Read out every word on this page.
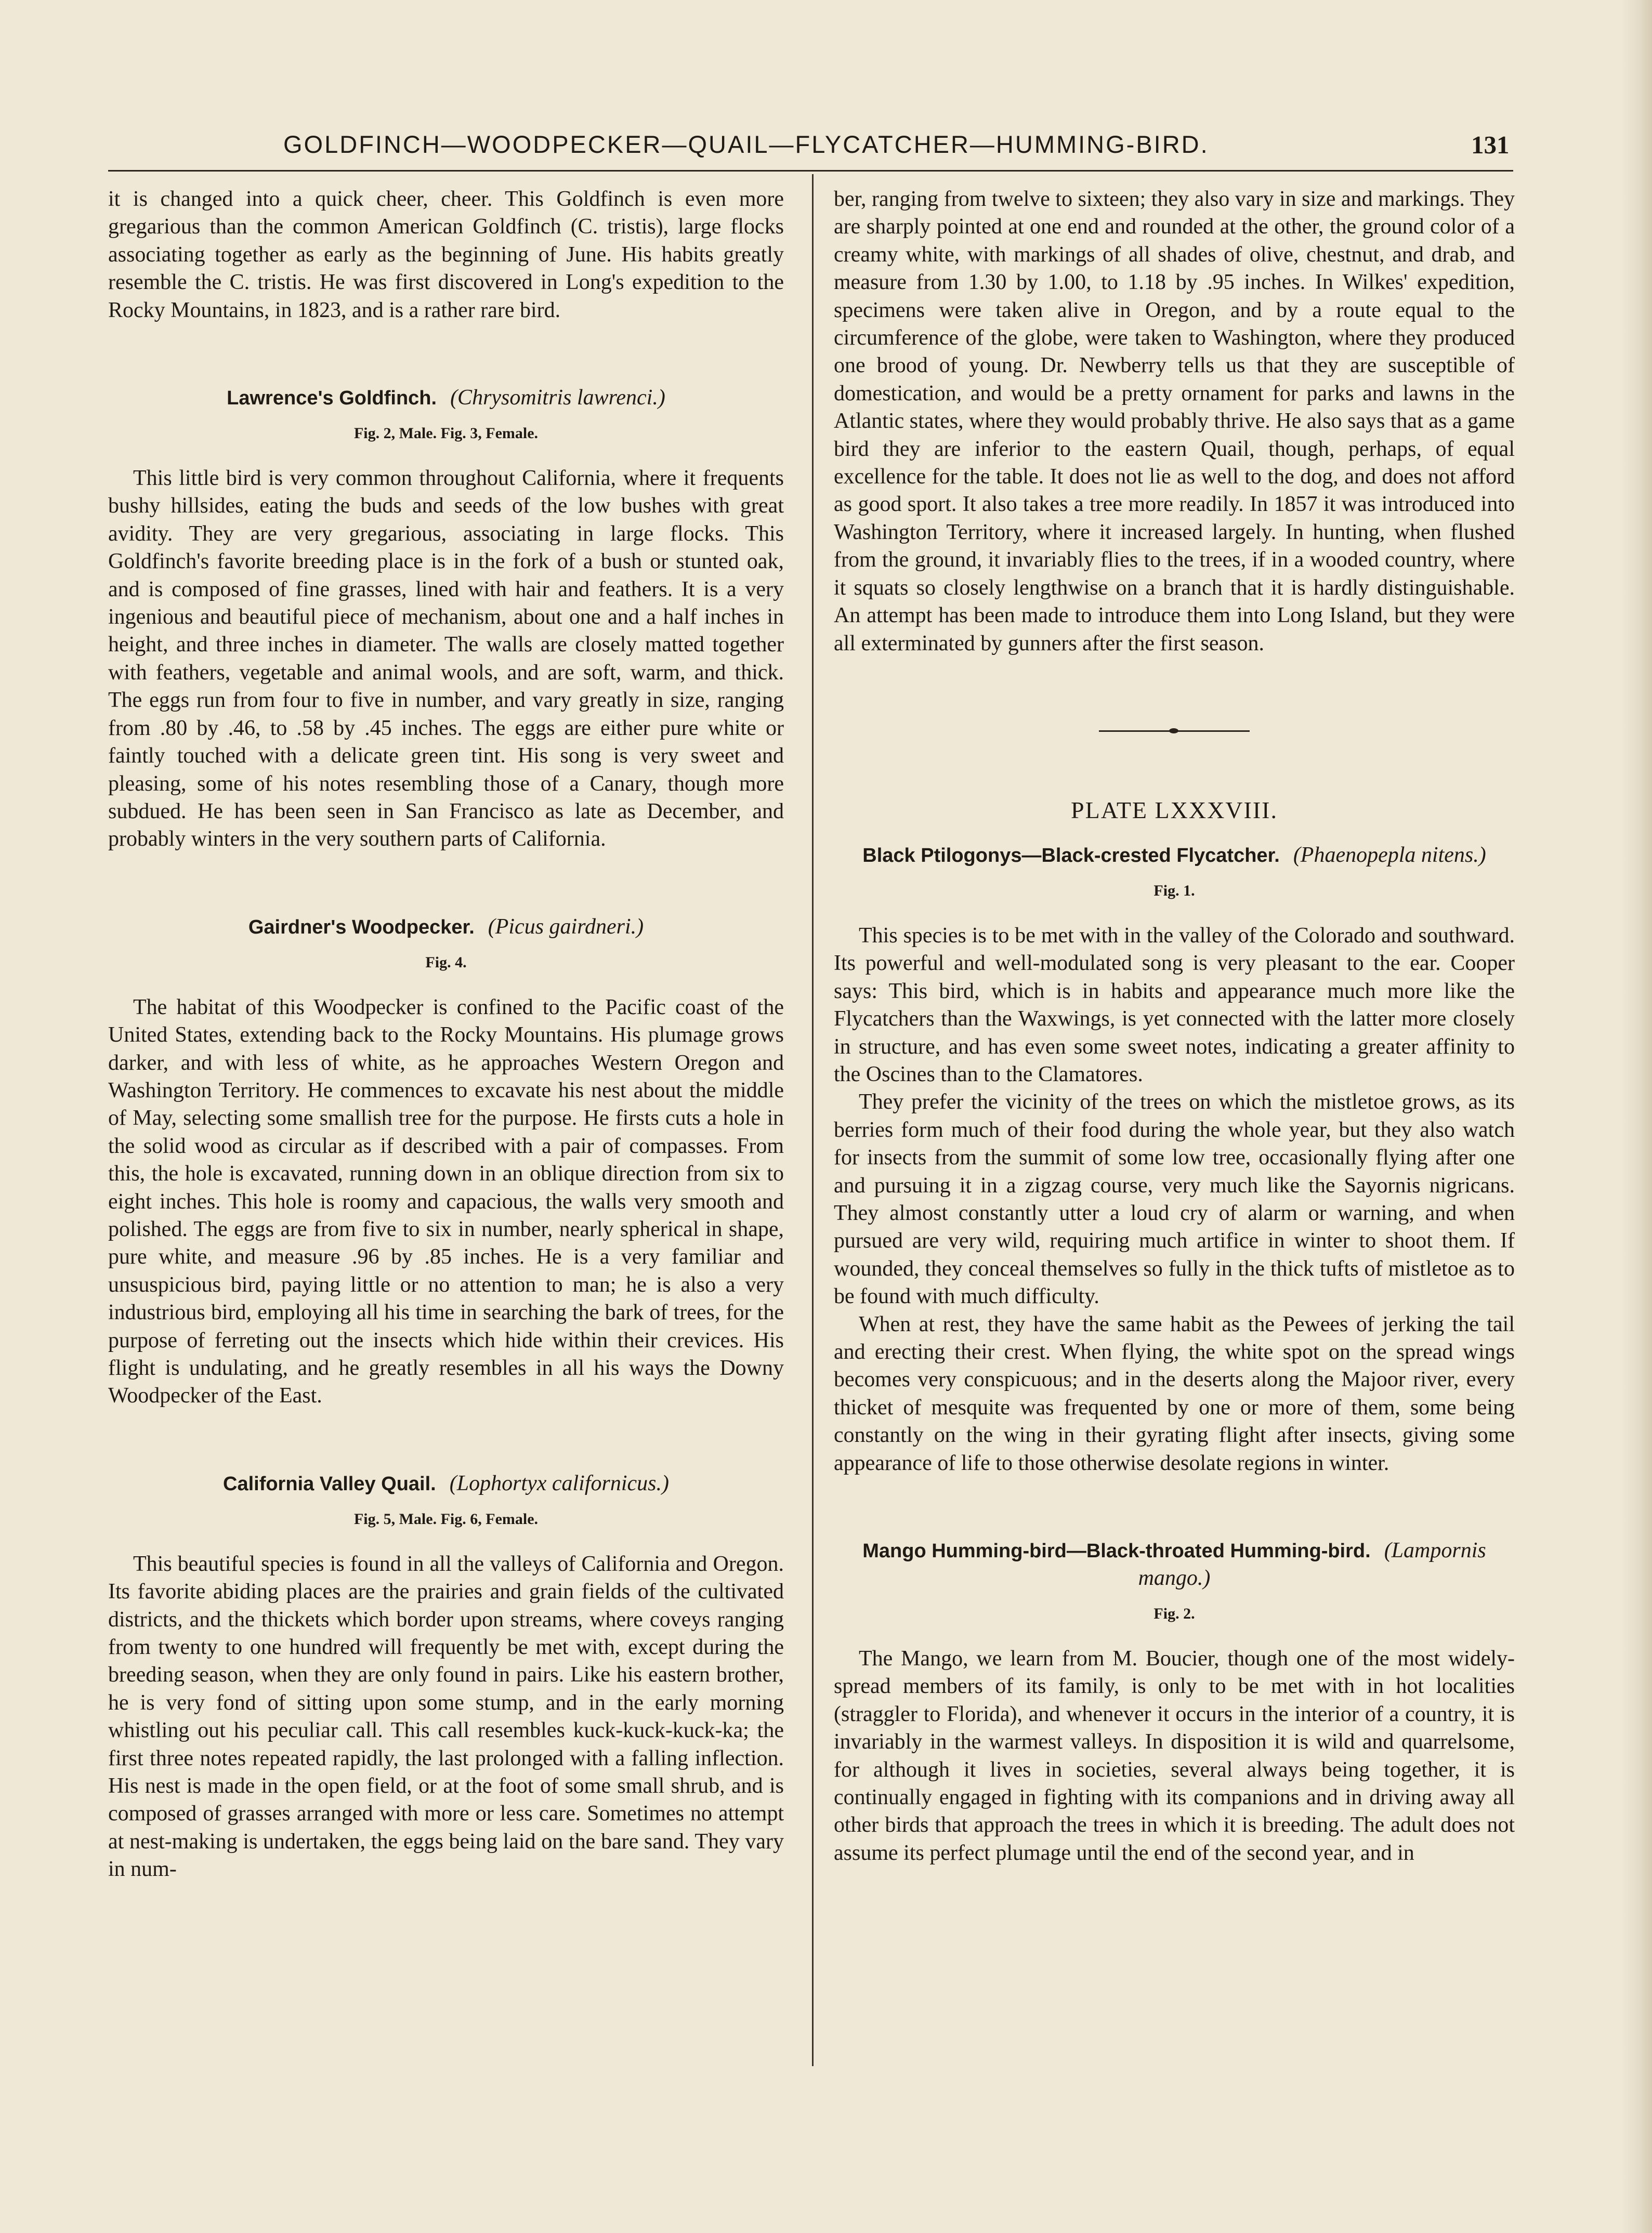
GOLDFINCH—WOODPECKER—QUAIL—FLYCATCHER—HUMMING-BIRD.	131

it is changed into a quick cheer, cheer. This Goldfinch is even more gregarious than the common American Goldfinch (C. tristis), large flocks associating together as early as the beginning of June. His habits greatly resemble the C. tristis. He was first discovered in Long's expedition to the Rocky Mountains, in 1823, and is a rather rare bird.

Lawrence's Goldfinch. (Chrysomitris lawrenci.)
Fig. 2, Male. Fig. 3, Female.

This little bird is very common throughout California, where it frequents bushy hillsides, eating the buds and seeds of the low bushes with great avidity. They are very gregarious, associating in large flocks. This Goldfinch's favorite breeding place is in the fork of a bush or stunted oak, and is composed of fine grasses, lined with hair and feathers. It is a very ingenious and beautiful piece of mechanism, about one and a half inches in height, and three inches in diameter. The walls are closely matted together with feathers, vegetable and animal wools, and are soft, warm, and thick. The eggs run from four to five in number, and vary greatly in size, ranging from .80 by .46, to .58 by .45 inches. The eggs are either pure white or faintly touched with a delicate green tint. His song is very sweet and pleasing, some of his notes resembling those of a Canary, though more subdued. He has been seen in San Francisco as late as December, and probably winters in the very southern parts of California.

Gairdner's Woodpecker. (Picus gairdneri.)
Fig. 4.

The habitat of this Woodpecker is confined to the Pacific coast of the United States, extending back to the Rocky Mountains. His plumage grows darker, and with less of white, as he approaches Western Oregon and Washington Territory. He commences to excavate his nest about the middle of May, selecting some smallish tree for the purpose. He firsts cuts a hole in the solid wood as circular as if described with a pair of compasses. From this, the hole is excavated, running down in an oblique direction from six to eight inches. This hole is roomy and capacious, the walls very smooth and polished. The eggs are from five to six in number, nearly spherical in shape, pure white, and measure .96 by .85 inches. He is a very familiar and unsuspicious bird, paying little or no attention to man; he is also a very industrious bird, employing all his time in searching the bark of trees, for the purpose of ferreting out the insects which hide within their crevices. His flight is undulating, and he greatly resembles in all his ways the Downy Woodpecker of the East.

California Valley Quail. (Lophortyx californicus.)
Fig. 5, Male. Fig. 6, Female.

This beautiful species is found in all the valleys of California and Oregon. Its favorite abiding places are the prairies and grain fields of the cultivated districts, and the thickets which border upon streams, where coveys ranging from twenty to one hundred will frequently be met with, except during the breeding season, when they are only found in pairs. Like his eastern brother, he is very fond of sitting upon some stump, and in the early morning whistling out his peculiar call. This call resembles kuck-kuck-kuck-ka; the first three notes repeated rapidly, the last prolonged with a falling inflection. His nest is made in the open field, or at the foot of some small shrub, and is composed of grasses arranged with more or less care. Sometimes no attempt at nest-making is undertaken, the eggs being laid on the bare sand. They vary in num-

ber, ranging from twelve to sixteen; they also vary in size and markings. They are sharply pointed at one end and rounded at the other, the ground color of a creamy white, with markings of all shades of olive, chestnut, and drab, and measure from 1.30 by 1.00, to 1.18 by .95 inches. In Wilkes' expedition, specimens were taken alive in Oregon, and by a route equal to the circumference of the globe, were taken to Washington, where they produced one brood of young. Dr. Newberry tells us that they are susceptible of domestication, and would be a pretty ornament for parks and lawns in the Atlantic states, where they would probably thrive. He also says that as a game bird they are inferior to the eastern Quail, though, perhaps, of equal excellence for the table. It does not lie as well to the dog, and does not afford as good sport. It also takes a tree more readily. In 1857 it was introduced into Washington Territory, where it increased largely. In hunting, when flushed from the ground, it invariably flies to the trees, if in a wooded country, where it squats so closely lengthwise on a branch that it is hardly distinguishable. An attempt has been made to introduce them into Long Island, but they were all exterminated by gunners after the first season.

PLATE LXXXVIII.
Black Ptilogonys—Black-crested Flycatcher. (Phaenopepla nitens.)
Fig. 1.

This species is to be met with in the valley of the Colorado and southward. Its powerful and well-modulated song is very pleasant to the ear. Cooper says: This bird, which is in habits and appearance much more like the Flycatchers than the Waxwings, is yet connected with the latter more closely in structure, and has even some sweet notes, indicating a greater affinity to the Oscines than to the Clamatores.

They prefer the vicinity of the trees on which the mistletoe grows, as its berries form much of their food during the whole year, but they also watch for insects from the summit of some low tree, occasionally flying after one and pursuing it in a zigzag course, very much like the Sayornis nigricans. They almost constantly utter a loud cry of alarm or warning, and when pursued are very wild, requiring much artifice in winter to shoot them. If wounded, they conceal themselves so fully in the thick tufts of mistletoe as to be found with much difficulty.

When at rest, they have the same habit as the Pewees of jerking the tail and erecting their crest. When flying, the white spot on the spread wings becomes very conspicuous; and in the deserts along the Majoor river, every thicket of mesquite was frequented by one or more of them, some being constantly on the wing in their gyrating flight after insects, giving some appearance of life to those otherwise desolate regions in winter.

Mango Humming-bird—Black-throated Humming-bird. (Lampornis mango.)
Fig. 2.

The Mango, we learn from M. Boucier, though one of the most widely-spread members of its family, is only to be met with in hot localities (straggler to Florida), and whenever it occurs in the interior of a country, it is invariably in the warmest valleys. In disposition it is wild and quarrelsome, for although it lives in societies, several always being together, it is continually engaged in fighting with its companions and in driving away all other birds that approach the trees in which it is breeding. The adult does not assume its perfect plumage until the end of the second year, and in
